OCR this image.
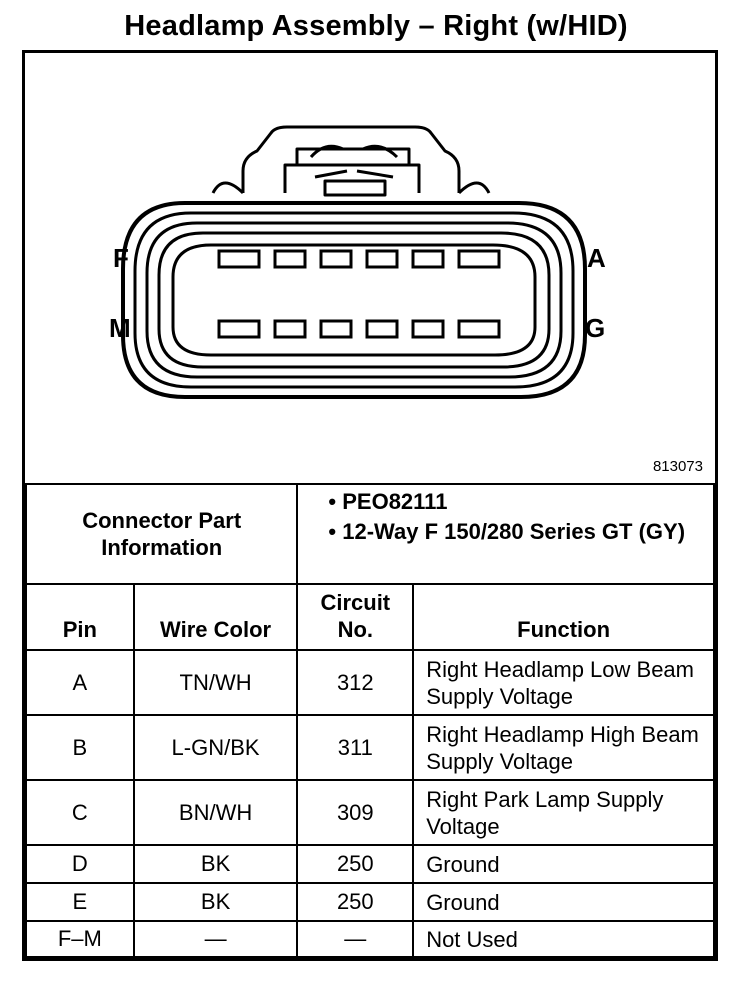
Headlamp Assembly – Right (w/HID)
F
M
A
G
813073
Connector Part Information		• PEO82111
• 12-Way F 150/280 Series GT (GY)	

Pin	Wire Color	Circuit No.	Function
A	TN/WH	312	Right Headlamp Low Beam Supply Voltage
B	L-GN/BK	311	Right Headlamp High Beam Supply Voltage
C	BN/WH	309	Right Park Lamp Supply Voltage
D	BK	250	Ground
E	BK	250	Ground
F–M	—	—	Not Used
